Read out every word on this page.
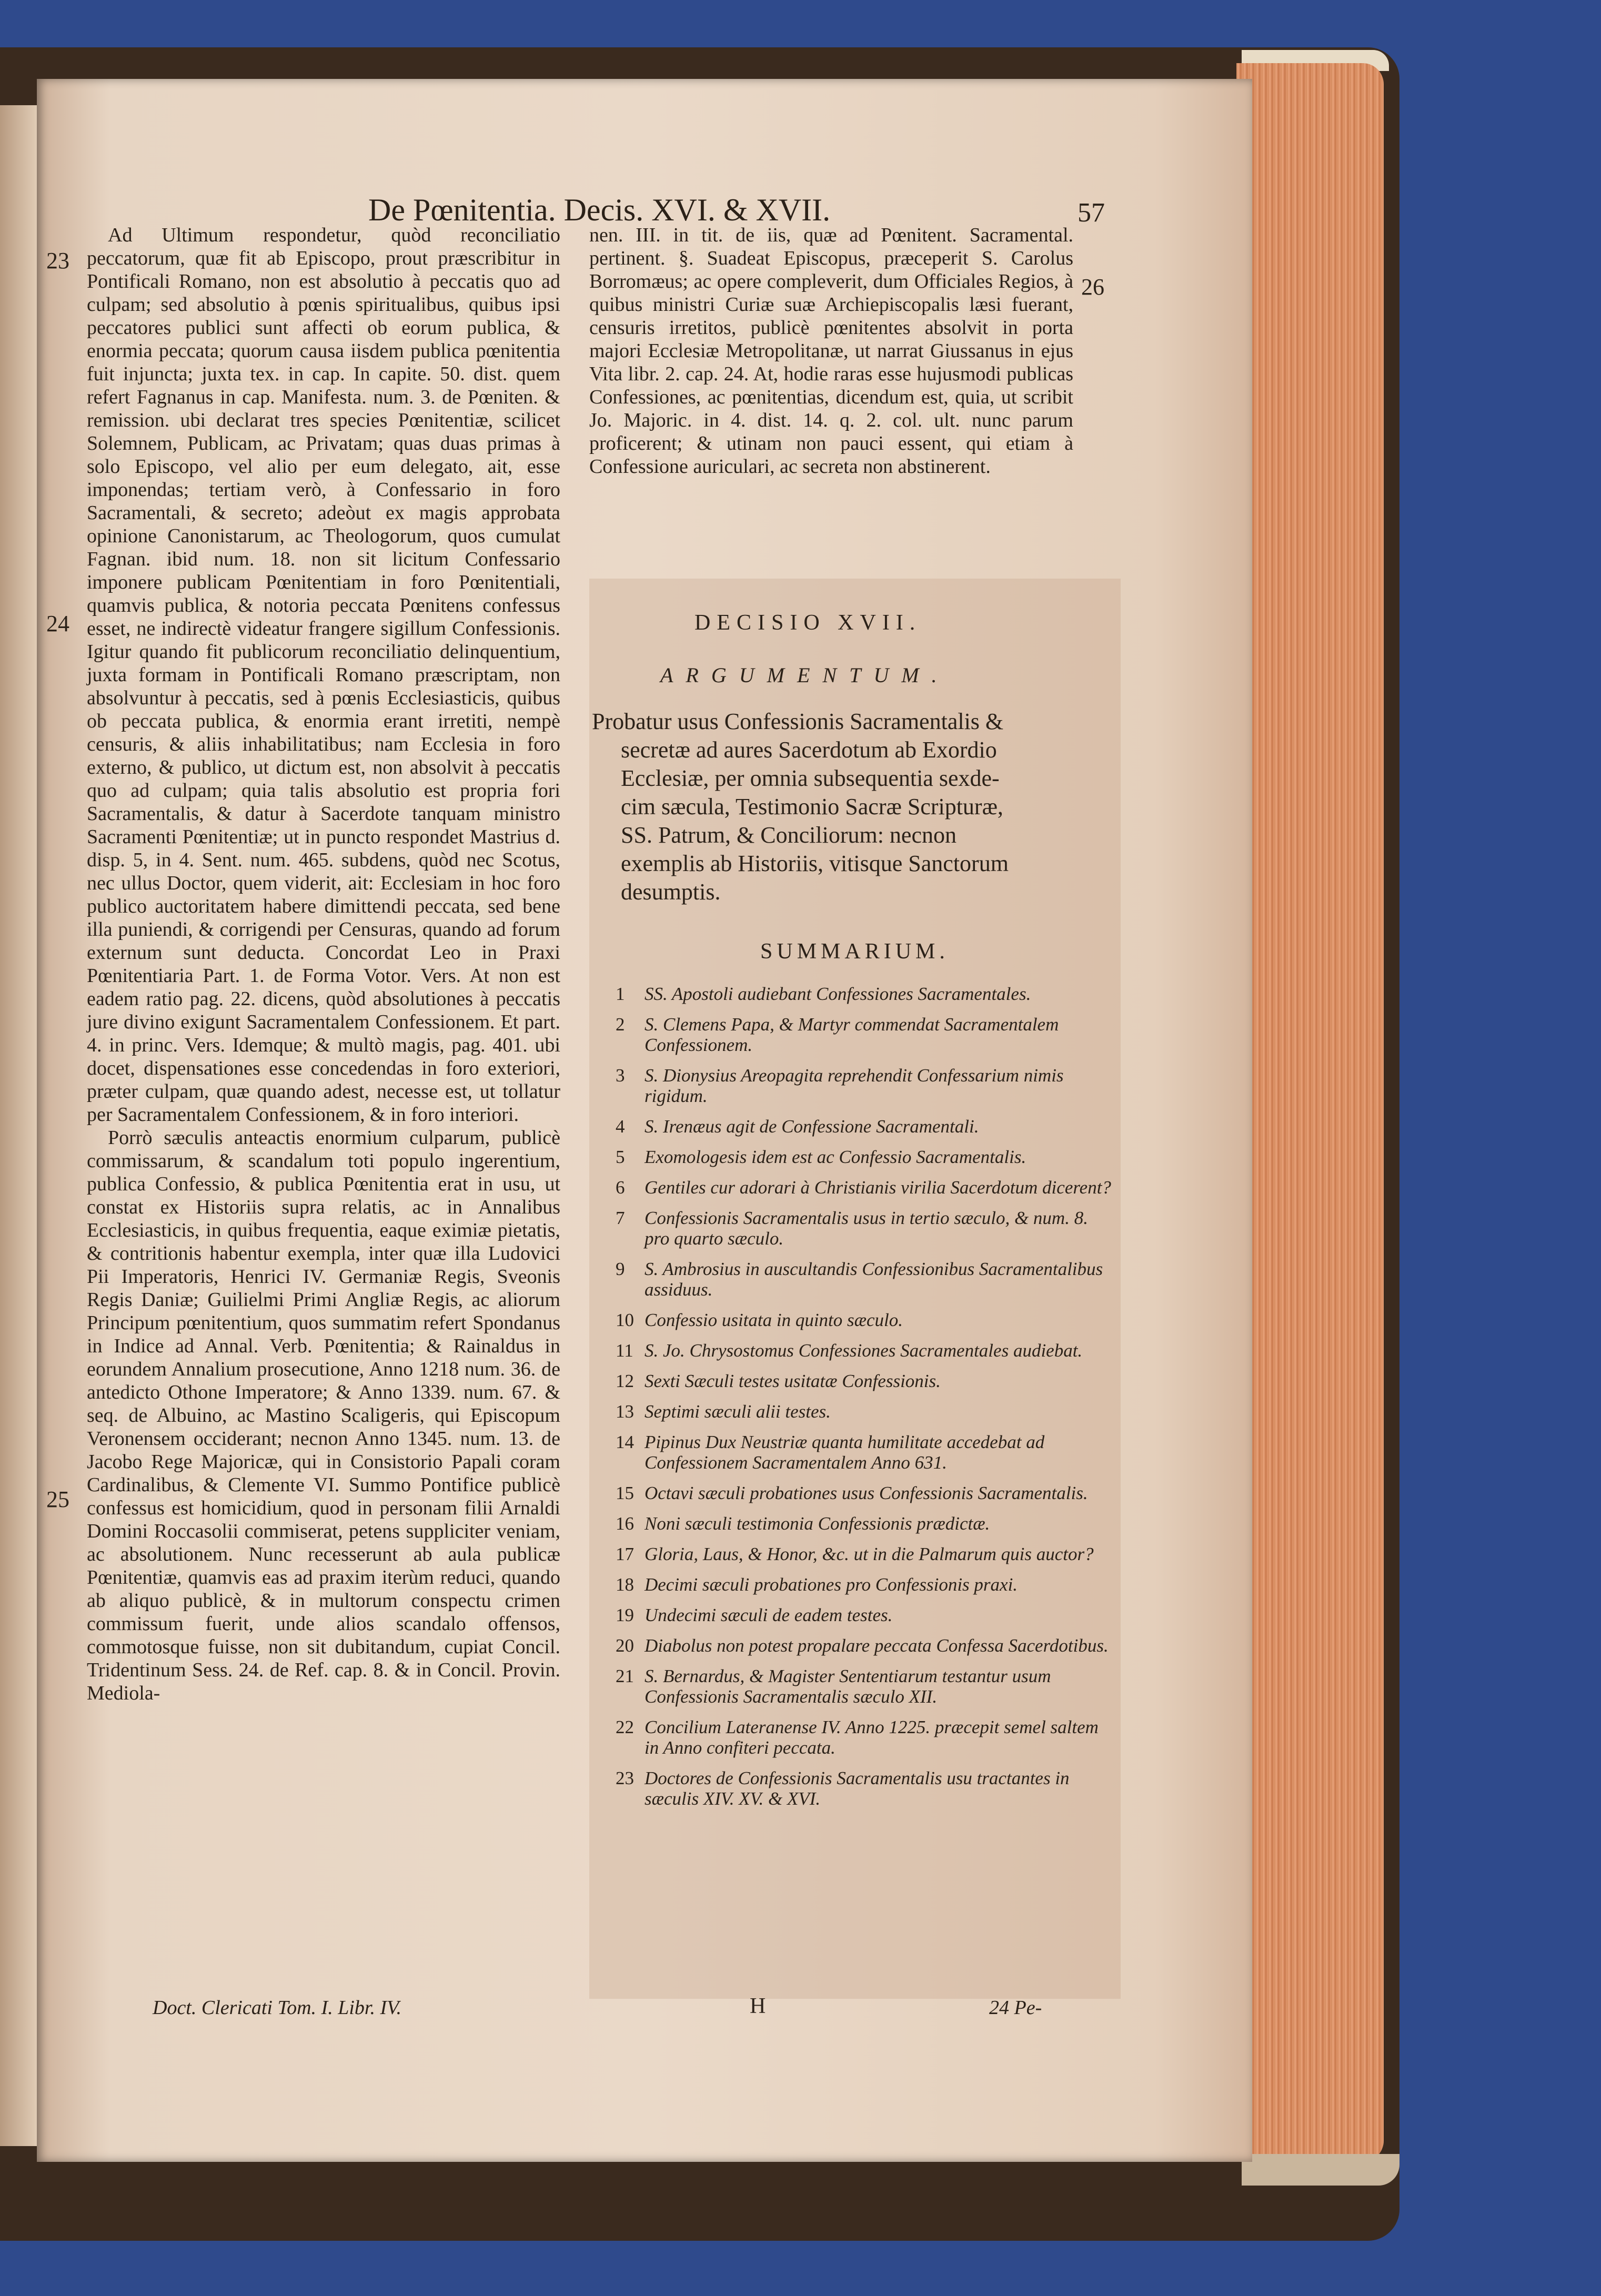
De Pœnitentia. Decis. XVI. & XVII.	57
23
24
25
26

Ad Ultimum respondetur, quòd reconciliatio peccatorum, quæ fit ab Episcopo, prout præscribitur in Pontificali Romano, non est absolutio à peccatis quo ad culpam; sed absolutio à pœnis spiritualibus, quibus ipsi peccatores publici sunt affecti ob eorum publica, & enormia peccata; quorum causa iisdem publica pœnitentia fuit injuncta; juxta tex. in cap. In capite. 50. dist. quem refert Fagnanus in cap. Manifesta. num. 3. de Pœniten. & remission. ubi declarat tres species Pœnitentiæ, scilicet Solemnem, Publicam, ac Privatam; quas duas primas à solo Episcopo, vel alio per eum delegato, ait, esse imponendas; tertiam verò, à Confessario in foro Sacramentali, & secreto; adeòut ex magis approbata opinione Canonistarum, ac Theologorum, quos cumulat Fagnan. ibid num. 18. non sit licitum Confessario imponere publicam Pœnitentiam in foro Pœnitentiali, quamvis publica, & notoria peccata Pœnitens confessus esset, ne indirectè videatur frangere sigillum Confessionis. Igitur quando fit publicorum reconciliatio delinquentium, juxta formam in Pontificali Romano præscriptam, non absolvuntur à peccatis, sed à pœnis Ecclesiasticis, quibus ob peccata publica, & enormia erant irretiti, nempè censuris, & aliis inhabilitatibus; nam Ecclesia in foro externo, & publico, ut dictum est, non absolvit à peccatis quo ad culpam; quia talis absolutio est propria fori Sacramentalis, & datur à Sacerdote tanquam ministro Sacramenti Pœnitentiæ; ut in puncto respondet Mastrius d. disp. 5, in 4. Sent. num. 465. subdens, quòd nec Scotus, nec ullus Doctor, quem viderit, ait: Ecclesiam in hoc foro publico auctoritatem habere dimittendi peccata, sed bene illa puniendi, & corrigendi per Censuras, quando ad forum externum sunt deducta. Concordat Leo in Praxi Pœnitentiaria Part. 1. de Forma Votor. Vers. At non est eadem ratio pag. 22. dicens, quòd absolutiones à peccatis jure divino exigunt Sacramentalem Confessionem. Et part. 4. in princ. Vers. Idemque; & multò magis, pag. 401. ubi docet, dispensationes esse concedendas in foro exteriori, præter culpam, quæ quando adest, necesse est, ut tollatur per Sacramentalem Confessionem, & in foro interiori.

Porrò sæculis anteactis enormium culparum, publicè commissarum, & scandalum toti populo ingerentium, publica Confessio, & publica Pœnitentia erat in usu, ut constat ex Historiis supra relatis, ac in Annalibus Ecclesiasticis, in quibus frequentia, eaque eximiæ pietatis, & contritionis habentur exempla, inter quæ illa Ludovici Pii Imperatoris, Henrici IV. Germaniæ Regis, Sveonis Regis Daniæ; Guilielmi Primi Angliæ Regis, ac aliorum Principum pœnitentium, quos summatim refert Spondanus in Indice ad Annal. Verb. Pœnitentia; & Rainaldus in eorundem Annalium prosecutione, Anno 1218 num. 36. de antedicto Othone Imperatore; & Anno 1339. num. 67. & seq. de Albuino, ac Mastino Scaligeris, qui Episcopum Veronensem occiderant; necnon Anno 1345. num. 13. de Jacobo Rege Majoricæ, qui in Consistorio Papali coram Cardinalibus, & Clemente VI. Summo Pontifice publicè confessus est homicidium, quod in personam filii Arnaldi Domini Roccasolii commiserat, petens suppliciter veniam, ac absolutionem. Nunc recesserunt ab aula publicæ Pœnitentiæ, quamvis eas ad praxim iterùm reduci, quando ab aliquo publicè, & in multorum conspectu crimen commissum fuerit, unde alios scandalo offensos, commotosque fuisse, non sit dubitandum, cupiat Concil. Tridentinum Sess. 24. de Ref. cap. 8. & in Concil. Provin. Mediola-

nen. III. in tit. de iis, quæ ad Pœnitent. Sacramental. pertinent. §. Suadeat Episcopus, præceperit S. Carolus Borromæus; ac opere compleverit, dum Officiales Regios, à quibus ministri Curiæ suæ Archiepiscopalis læsi fuerant, censuris irretitos, publicè pœnitentes absolvit in porta majori Ecclesiæ Metropolitanæ, ut narrat Giussanus in ejus Vita libr. 2. cap. 24. At, hodie raras esse hujusmodi publicas Confessiones, ac pœnitentias, dicendum est, quia, ut scribit Jo. Majoric. in 4. dist. 14. q. 2. col. ult. nunc parum proficerent; & utinam non pauci essent, qui etiam à Confessione auriculari, ac secreta non abstinerent.

DECISIO XVII.
ARGUMENTUM.
Probatur usus Confessionis Sacramentalis &
secretæ ad aures Sacerdotum ab Exordio
Ecclesiæ, per omnia subsequentia sexde-
cim sæcula, Testimonio Sacræ Scripturæ,
SS. Patrum, & Conciliorum: necnon
exemplis ab Historiis, vitisque Sanctorum
desumptis.
SUMMARIUM.
1 SS. Apostoli audiebant Confessiones Sacramentales.
2 S. Clemens Papa, & Martyr commendat Sacramentalem Confessionem.
3 S. Dionysius Areopagita reprehendit Confessarium nimis rigidum.
4 S. Irenæus agit de Confessione Sacramentali.
5 Exomologesis idem est ac Confessio Sacramentalis.
6 Gentiles cur adorari à Christianis virilia Sacerdotum dicerent?
7 Confessionis Sacramentalis usus in tertio sæculo, & num. 8. pro quarto sæculo.
9 S. Ambrosius in auscultandis Confessionibus Sacramentalibus assiduus.
10 Confessio usitata in quinto sæculo.
11 S. Jo. Chrysostomus Confessiones Sacramentales audiebat.
12 Sexti Sæculi testes usitatæ Confessionis.
13 Septimi sæculi alii testes.
14 Pipinus Dux Neustriæ quanta humilitate accedebat ad Confessionem Sacramentalem Anno 631.
15 Octavi sæculi probationes usus Confessionis Sacramentalis.
16 Noni sæculi testimonia Confessionis prædictæ.
17 Gloria, Laus, & Honor, &c. ut in die Palmarum quis auctor?
18 Decimi sæculi probationes pro Confessionis praxi.
19 Undecimi sæculi de eadem testes.
20 Diabolus non potest propalare peccata Confessa Sacerdotibus.
21 S. Bernardus, & Magister Sententiarum testantur usum Confessionis Sacramentalis sæculo XII.
22 Concilium Lateranense IV. Anno 1225. præcepit semel saltem in Anno confiteri peccata.
23 Doctores de Confessionis Sacramentalis usu tractantes in sæculis XIV. XV. & XVI.
Doct. Clericati Tom. I. Libr. IV.	H	24 Pe-
